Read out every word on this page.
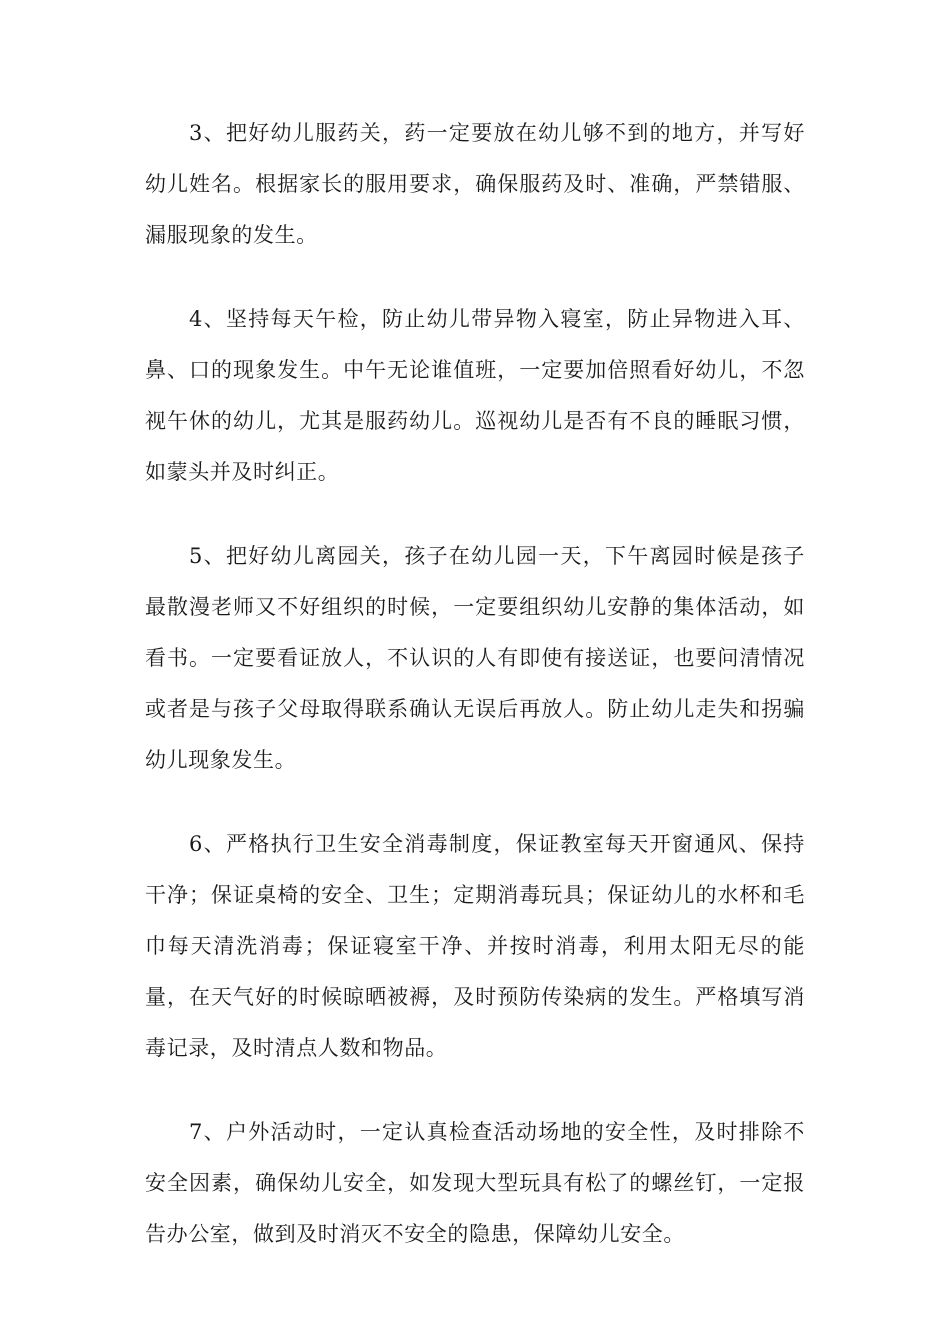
3、把好幼儿服药关，药一定要放在幼儿够不到的地方，并写好幼儿姓名。根据家长的服用要求，确保服药及时、准确，严禁错服、漏服现象的发生。

4、坚持每天午检，防止幼儿带异物入寝室，防止异物进入耳、鼻、口的现象发生。中午无论谁值班，一定要加倍照看好幼儿，不忽视午休的幼儿，尤其是服药幼儿。巡视幼儿是否有不良的睡眠习惯，如蒙头并及时纠正。

5、把好幼儿离园关，孩子在幼儿园一天，下午离园时候是孩子最散漫老师又不好组织的时候，一定要组织幼儿安静的集体活动，如看书。一定要看证放人，不认识的人有即使有接送证，也要问清情况或者是与孩子父母取得联系确认无误后再放人。防止幼儿走失和拐骗幼儿现象发生。

6、严格执行卫生安全消毒制度，保证教室每天开窗通风、保持干净；保证桌椅的安全、卫生；定期消毒玩具；保证幼儿的水杯和毛巾每天清洗消毒；保证寝室干净、并按时消毒，利用太阳无尽的能量，在天气好的时候晾晒被褥，及时预防传染病的发生。严格填写消毒记录，及时清点人数和物品。

7、户外活动时，一定认真检查活动场地的安全性，及时排除不安全因素，确保幼儿安全，如发现大型玩具有松了的螺丝钉，一定报告办公室，做到及时消灭不安全的隐患，保障幼儿安全。
